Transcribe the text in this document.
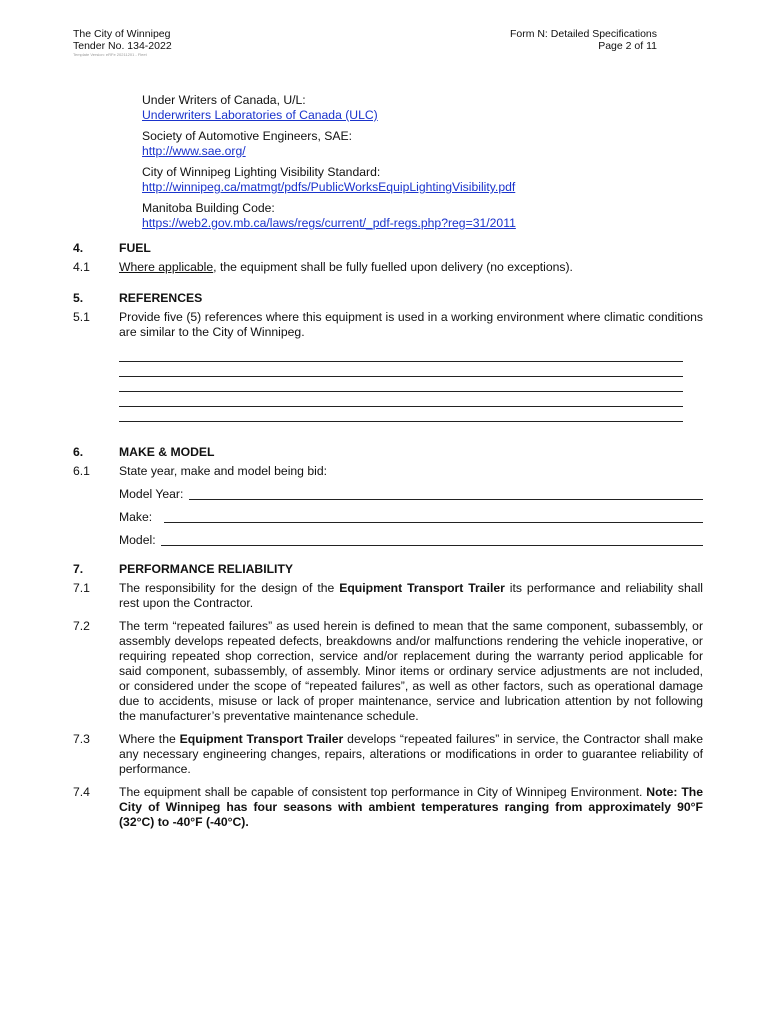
The City of Winnipeg
Tender No. 134-2022
Template Version: eRFe 20211201 - Fleet
Form N: Detailed Specifications
Page 2 of 11
Under Writers of Canada, U/L:
Underwriters Laboratories of Canada (ULC)
Society of Automotive Engineers, SAE:
http://www.sae.org/
City of Winnipeg Lighting Visibility Standard:
http://winnipeg.ca/matmgt/pdfs/PublicWorksEquipLightingVisibility.pdf
Manitoba Building Code:
https://web2.gov.mb.ca/laws/regs/current/_pdf-regs.php?reg=31/2011
4.	FUEL
4.1	Where applicable, the equipment shall be fully fuelled upon delivery (no exceptions).
5.	REFERENCES
5.1	Provide five (5) references where this equipment is used in a working environment where climatic conditions are similar to the City of Winnipeg.
6.	MAKE & MODEL
6.1	State year, make and model being bid:
Model Year:
Make:
Model:
7.	PERFORMANCE RELIABILITY
7.1	The responsibility for the design of the Equipment Transport Trailer its performance and reliability shall rest upon the Contractor.
7.2	The term “repeated failures” as used herein is defined to mean that the same component, subassembly, or assembly develops repeated defects, breakdowns and/or malfunctions rendering the vehicle inoperative, or requiring repeated shop correction, service and/or replacement during the warranty period applicable for said component, subassembly, of assembly. Minor items or ordinary service adjustments are not included, or considered under the scope of “repeated failures”, as well as other factors, such as operational damage due to accidents, misuse or lack of proper maintenance, service and lubrication attention by not following the manufacturer’s preventative maintenance schedule.
7.3	Where the Equipment Transport Trailer develops “repeated failures” in service, the Contractor shall make any necessary engineering changes, repairs, alterations or modifications in order to guarantee reliability of performance.
7.4	The equipment shall be capable of consistent top performance in City of Winnipeg Environment. Note: The City of Winnipeg has four seasons with ambient temperatures ranging from approximately 90°F (32°C) to -40°F (-40°C).
